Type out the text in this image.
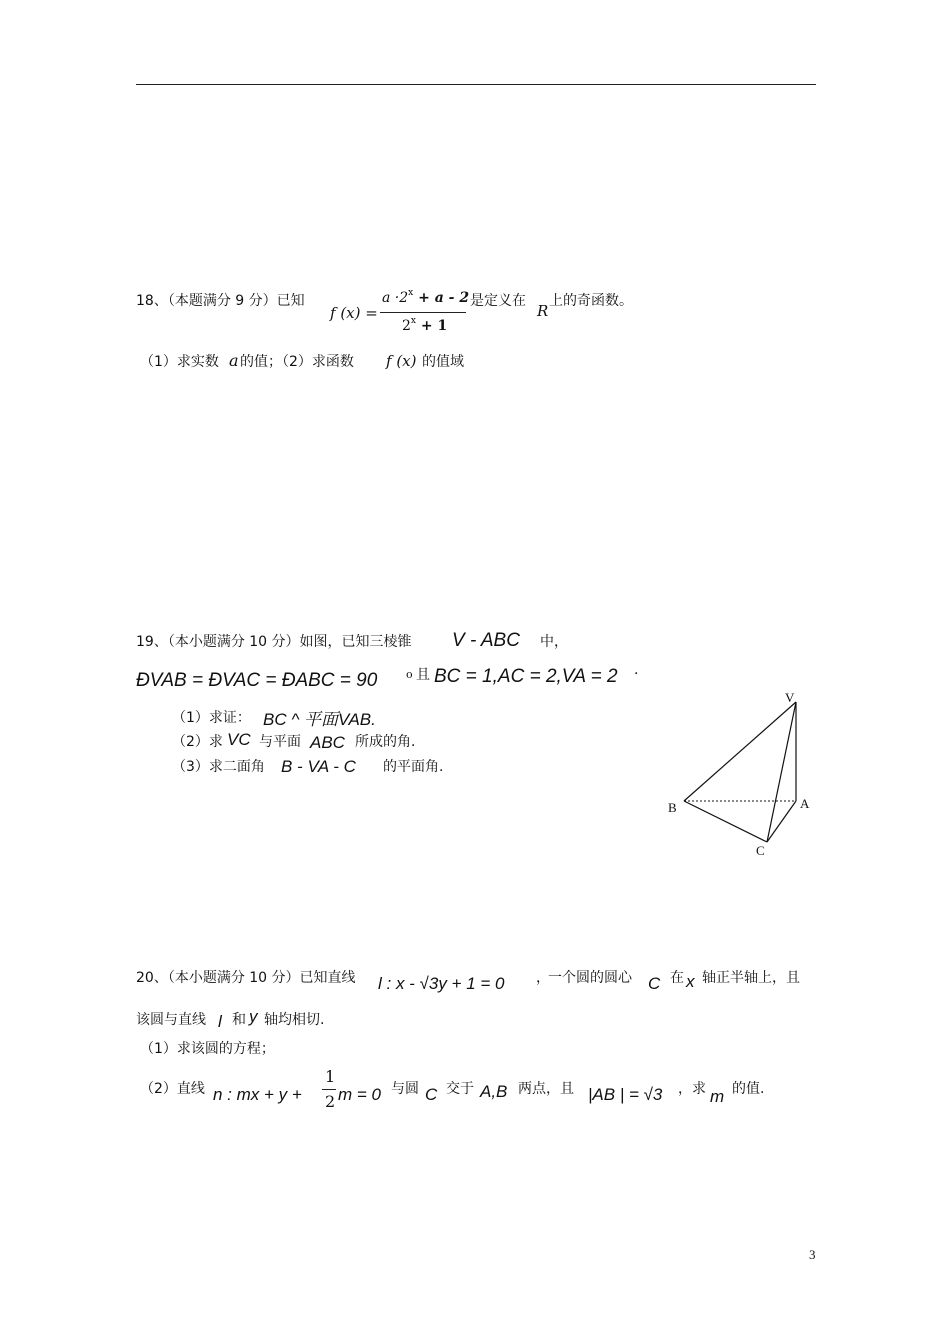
18、（本题满分 9 分）已知
f (x) =
$a \cdot 2^x + a - 2$
$2^x + 1$
是定义在
R
上的奇函数。
（1）求实数 a 的值；（2）求函数 f (x) 的值域
19、（本小题满分 10 分）如图，已知三棱锥 V - ABC 中，
ÐVAB = ÐVAC = ÐABC = 90	o 且 BC = 1,AC = 2,VA = 2 ·
（1）求证： BC ^ 平面VAB.
（2）求 VC 与平面 ABC 所成的角.
（3）求二面角 B - VA - C 的平面角.
V
A
B
C
20、（本小题满分 10 分）已知直线 l : x - √3y + 1 = 0 ，
一个圆的圆心 C 在 x 轴正半轴上，且
该圆与直线 l 和 y 轴均相切.
（1）求该圆的方程；
（2）直线 n : mx + y +
1
2 m = 0 与圆 C 交于 A,B 两点，且 |AB | = √3 ，求 m 的值.
3
